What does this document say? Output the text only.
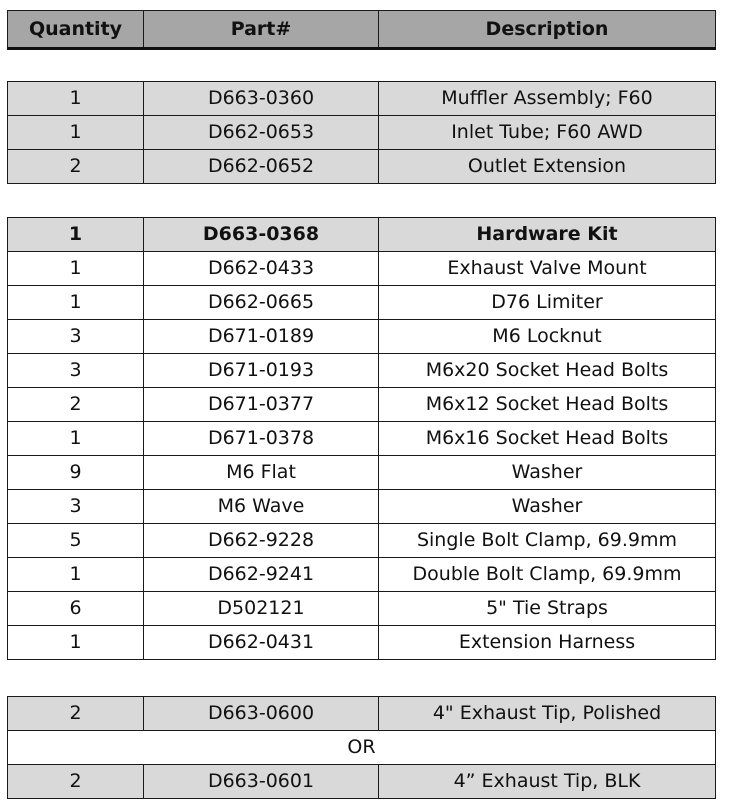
Quantity	Part#	Description
1	D663-0360	Muffler Assembly; F60
1	D662-0653	Inlet Tube; F60 AWD
2	D662-0652	Outlet Extension
1	D663-0368	Hardware Kit
1	D662-0433	Exhaust Valve Mount
1	D662-0665	D76 Limiter
3	D671-0189	M6 Locknut
3	D671-0193	M6x20 Socket Head Bolts
2	D671-0377	M6x12 Socket Head Bolts
1	D671-0378	M6x16 Socket Head Bolts
9	M6 Flat	Washer
3	M6 Wave	Washer
5	D662-9228	Single Bolt Clamp, 69.9mm
1	D662-9241	Double Bolt Clamp, 69.9mm
6	D502121	5" Tie Straps
1	D662-0431	Extension Harness
2	D663-0600	4" Exhaust Tip, Polished
OR		
2	D663-0601	4” Exhaust Tip, BLK
